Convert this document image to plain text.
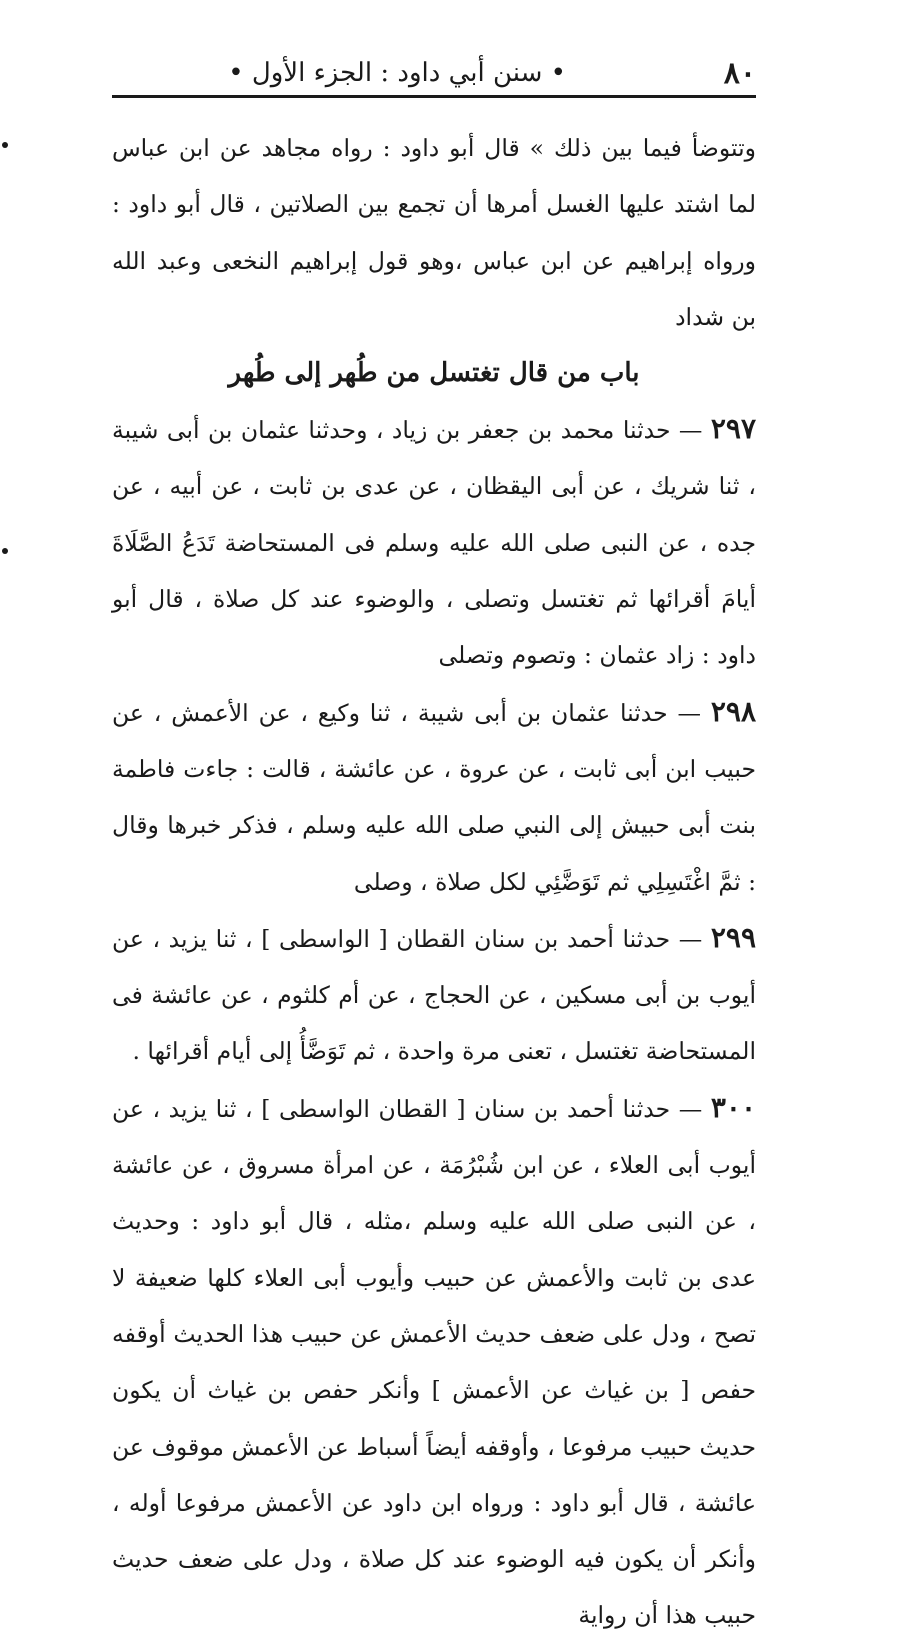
٨٠
• سنن أبي داود : الجزء الأول •

وتتوضأ فيما بين ذلك » قال أبو داود : رواه مجاهد عن ابن عباس لما اشتد عليها الغسل أمرها أن تجمع بين الصلاتين ، قال أبو داود : ورواه إبراهيم عن ابن عباس ،وهو قول إبراهيم النخعى وعبد الله بن شداد

باب من قال تغتسل من طُهر إلى طُهر

٢٩٧ — حدثنا محمد بن جعفر بن زياد ، وحدثنا عثمان بن أبى شيبة ، ثنا شريك ، عن أبى اليقظان ، عن عدى بن ثابت ، عن أبيه ، عن جده ، عن النبى صلى الله عليه وسلم فى المستحاضة تَدَعُ الصَّلَاةَ أيامَ أقرائها ثم تغتسل وتصلى ، والوضوء عند كل صلاة ، قال أبو داود : زاد عثمان : وتصوم وتصلى

٢٩٨ — حدثنا عثمان بن أبى شيبة ، ثنا وكيع ، عن الأعمش ، عن حبيب ابن أبى ثابت ، عن عروة ، عن عائشة ، قالت : جاءت فاطمة بنت أبى حبيش إلى النبي صلى الله عليه وسلم ، فذكر خبرها وقال : ثمَّ اغْتَسِلِي ثم تَوَضَّئِي لكل صلاة ، وصلى

٢٩٩ — حدثنا أحمد بن سنان القطان [ الواسطى ] ، ثنا يزيد ، عن أيوب بن أبى مسكين ، عن الحجاج ، عن أم كلثوم ، عن عائشة فى المستحاضة تغتسل ، تعنى مرة واحدة ، ثم تَوَضَّأُ إلى أيام أقرائها .

٣٠٠ — حدثنا أحمد بن سنان [ القطان الواسطى ] ، ثنا يزيد ، عن أيوب أبى العلاء ، عن ابن شُبْرُمَة ، عن امرأة مسروق ، عن عائشة ، عن النبى صلى الله عليه وسلم ،مثله ، قال أبو داود : وحديث عدى بن ثابت والأعمش عن حبيب وأيوب أبى العلاء كلها ضعيفة لا تصح ، ودل على ضعف حديث الأعمش عن حبيب هذا الحديث أوقفه حفص [ بن غياث عن الأعمش ] وأنكر حفص بن غياث أن يكون حديث حبيب مرفوعا ، وأوقفه أيضاً أسباط عن الأعمش موقوف عن عائشة ، قال أبو داود : ورواه ابن داود عن الأعمش مرفوعا أوله ، وأنكر أن يكون فيه الوضوء عند كل صلاة ، ودل على ضعف حديث حبيب هذا أن رواية
